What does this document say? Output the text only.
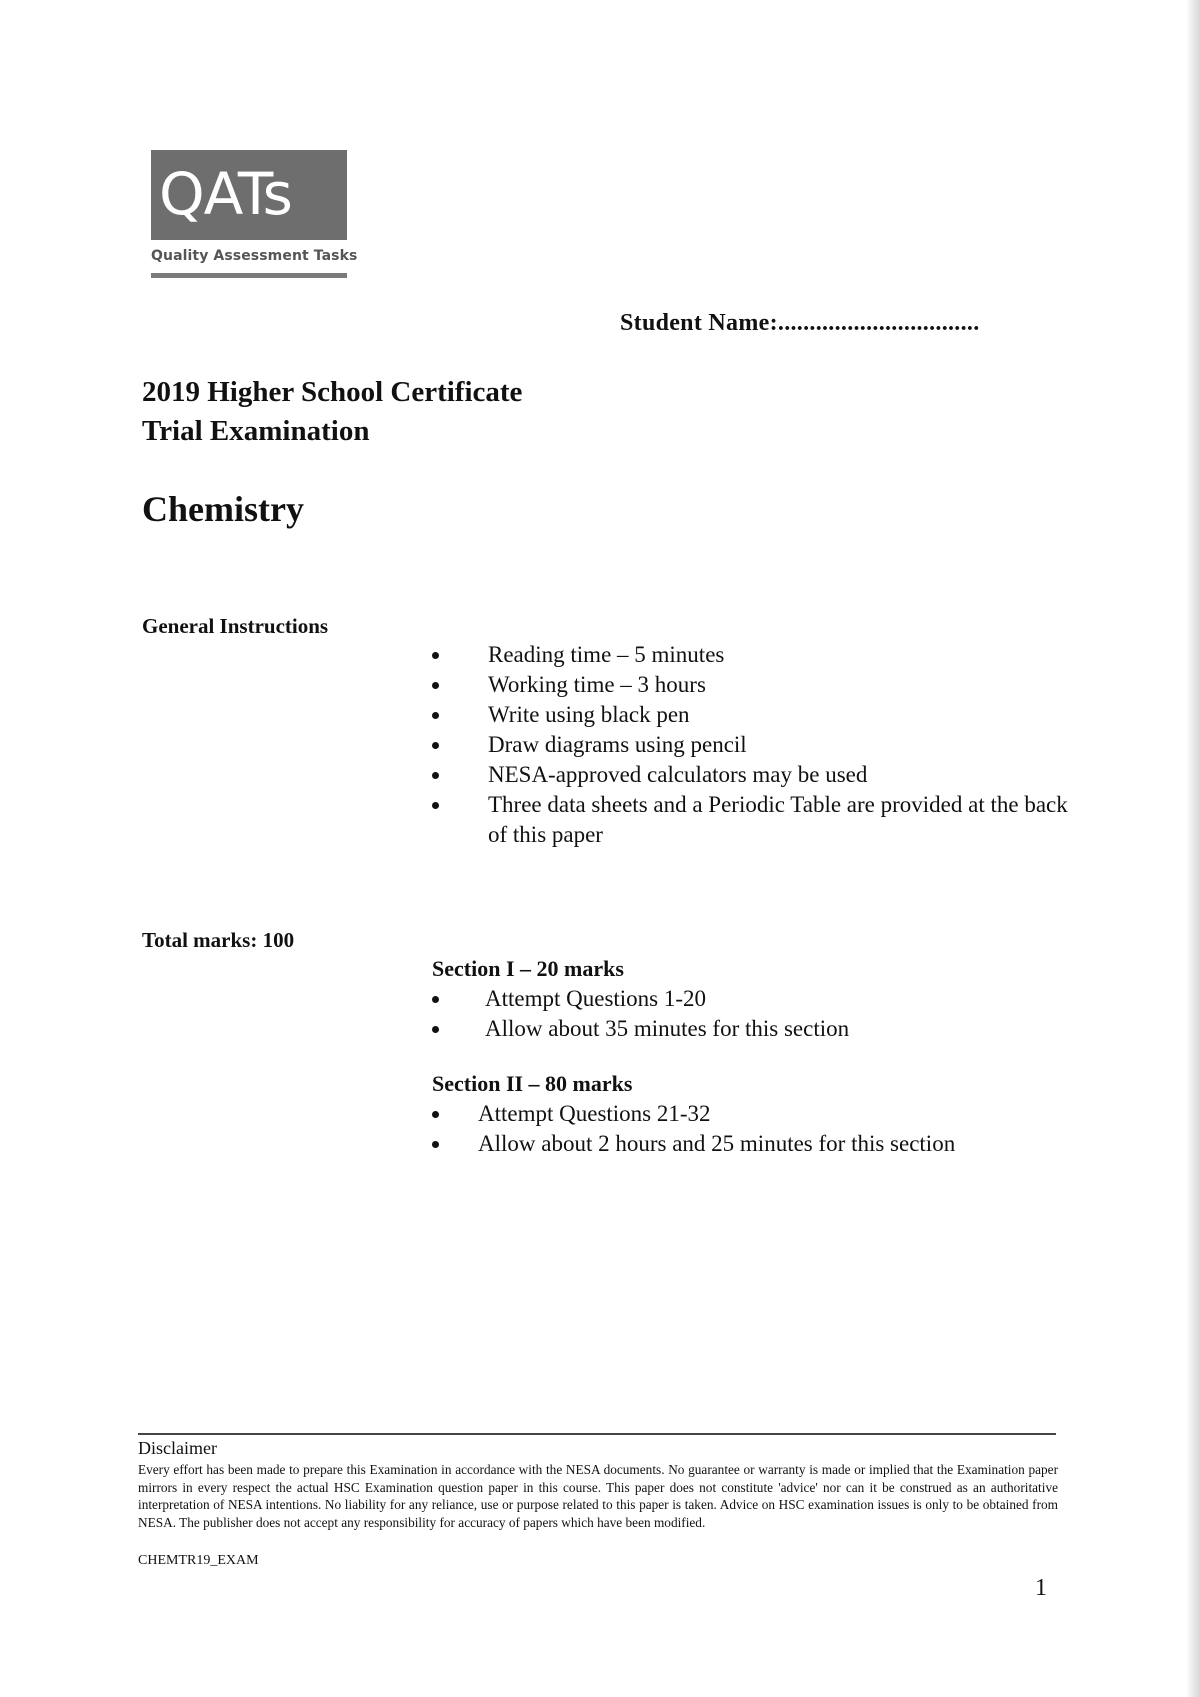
QATs
Quality Assessment Tasks
Student Name:................................
2019 Higher School Certificate
Trial Examination
Chemistry
General Instructions
Reading time – 5 minutes
Working time – 3 hours
Write using black pen
Draw diagrams using pencil
NESA-approved calculators may be used
Three data sheets and a Periodic Table are provided at the back of this paper
Total marks: 100
Section I – 20 marks
Attempt Questions 1-20
Allow about 35 minutes for this section
Section II – 80 marks
Attempt Questions 21-32
Allow about 2 hours and 25 minutes for this section
Disclaimer
Every effort has been made to prepare this Examination in accordance with the NESA documents. No guarantee or warranty is made or implied that the Examination paper mirrors in every respect the actual HSC Examination question paper in this course. This paper does not constitute 'advice' nor can it be construed as an authoritative interpretation of NESA intentions. No liability for any reliance, use or purpose related to this paper is taken. Advice on HSC examination issues is only to be obtained from NESA. The publisher does not accept any responsibility for accuracy of papers which have been modified.
CHEMTR19_EXAM
1
